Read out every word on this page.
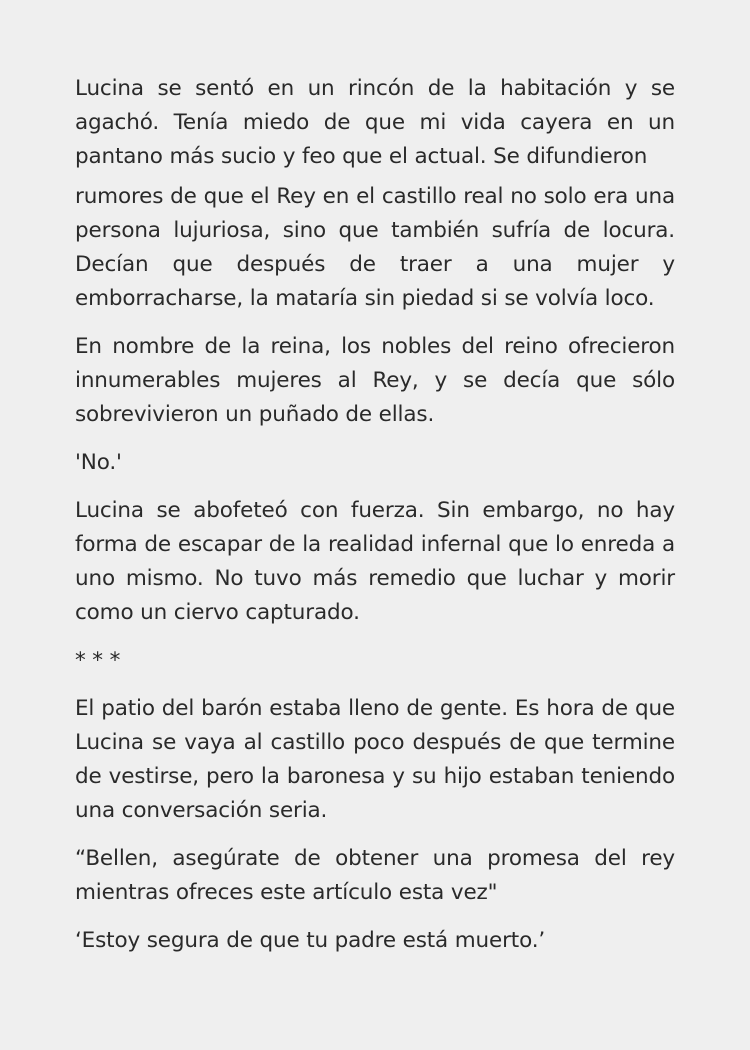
Lucina se sentó en un rincón de la habitación y se agachó. Tenía miedo de que mi vida cayera en un pantano más sucio y feo que el actual. Se difundieron

rumores de que el Rey en el castillo real no solo era una persona lujuriosa, sino que también sufría de locura. Decían que después de traer a una mujer y emborracharse, la mataría sin piedad si se volvía loco.

En nombre de la reina, los nobles del reino ofrecieron innumerables mujeres al Rey, y se decía que sólo sobrevivieron un puñado de ellas.

'No.'

Lucina se abofeteó con fuerza. Sin embargo, no hay forma de escapar de la realidad infernal que lo enreda a uno mismo. No tuvo más remedio que luchar y morir como un ciervo capturado.

* * *

El patio del barón estaba lleno de gente. Es hora de que Lucina se vaya al castillo poco después de que termine de vestirse, pero la baronesa y su hijo estaban teniendo una conversación seria.

“Bellen, asegúrate de obtener una promesa del rey mientras ofreces este artículo esta vez"

‘Estoy segura de que tu padre está muerto.’
